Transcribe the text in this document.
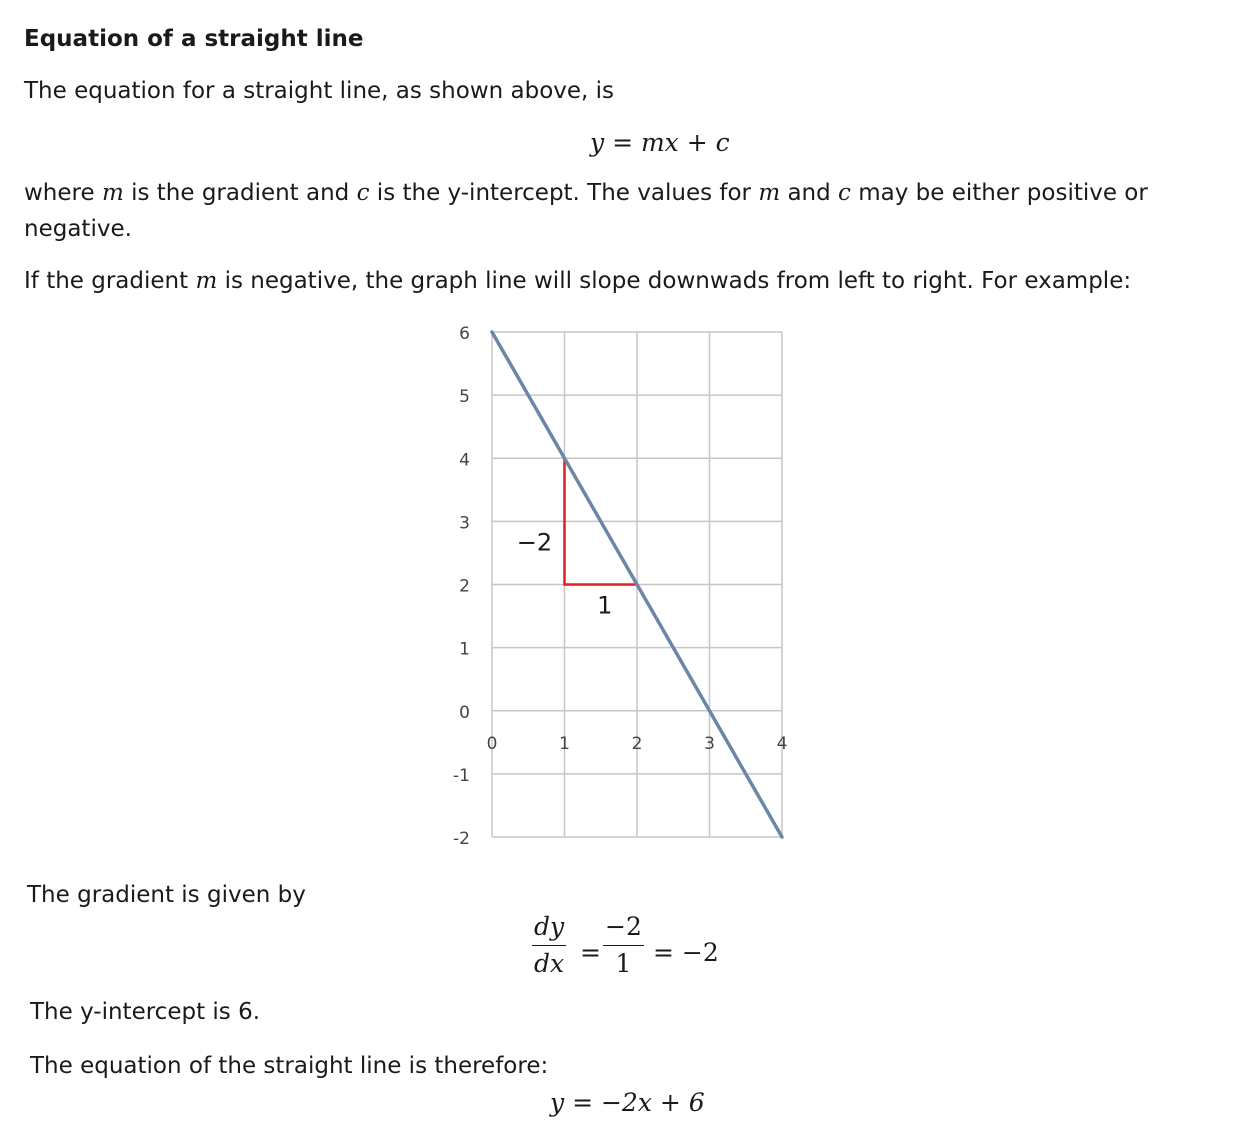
Equation of a straight line
The equation for a straight line, as shown above, is
y = mx + c
where m is the gradient and c is the y-intercept. The values for m and c may be either positive or
negative.
If the gradient m is negative, the graph line will slope downwads from left to right. For example:
6
5
4
3
2
1
0
-1
-2
0	1	2	3	4
−2
1
The gradient is given by
$\frac{dy}{dx} = \frac{-2}{1} = -2$
The y-intercept is 6.
The equation of the straight line is therefore:
y = −2x + 6
